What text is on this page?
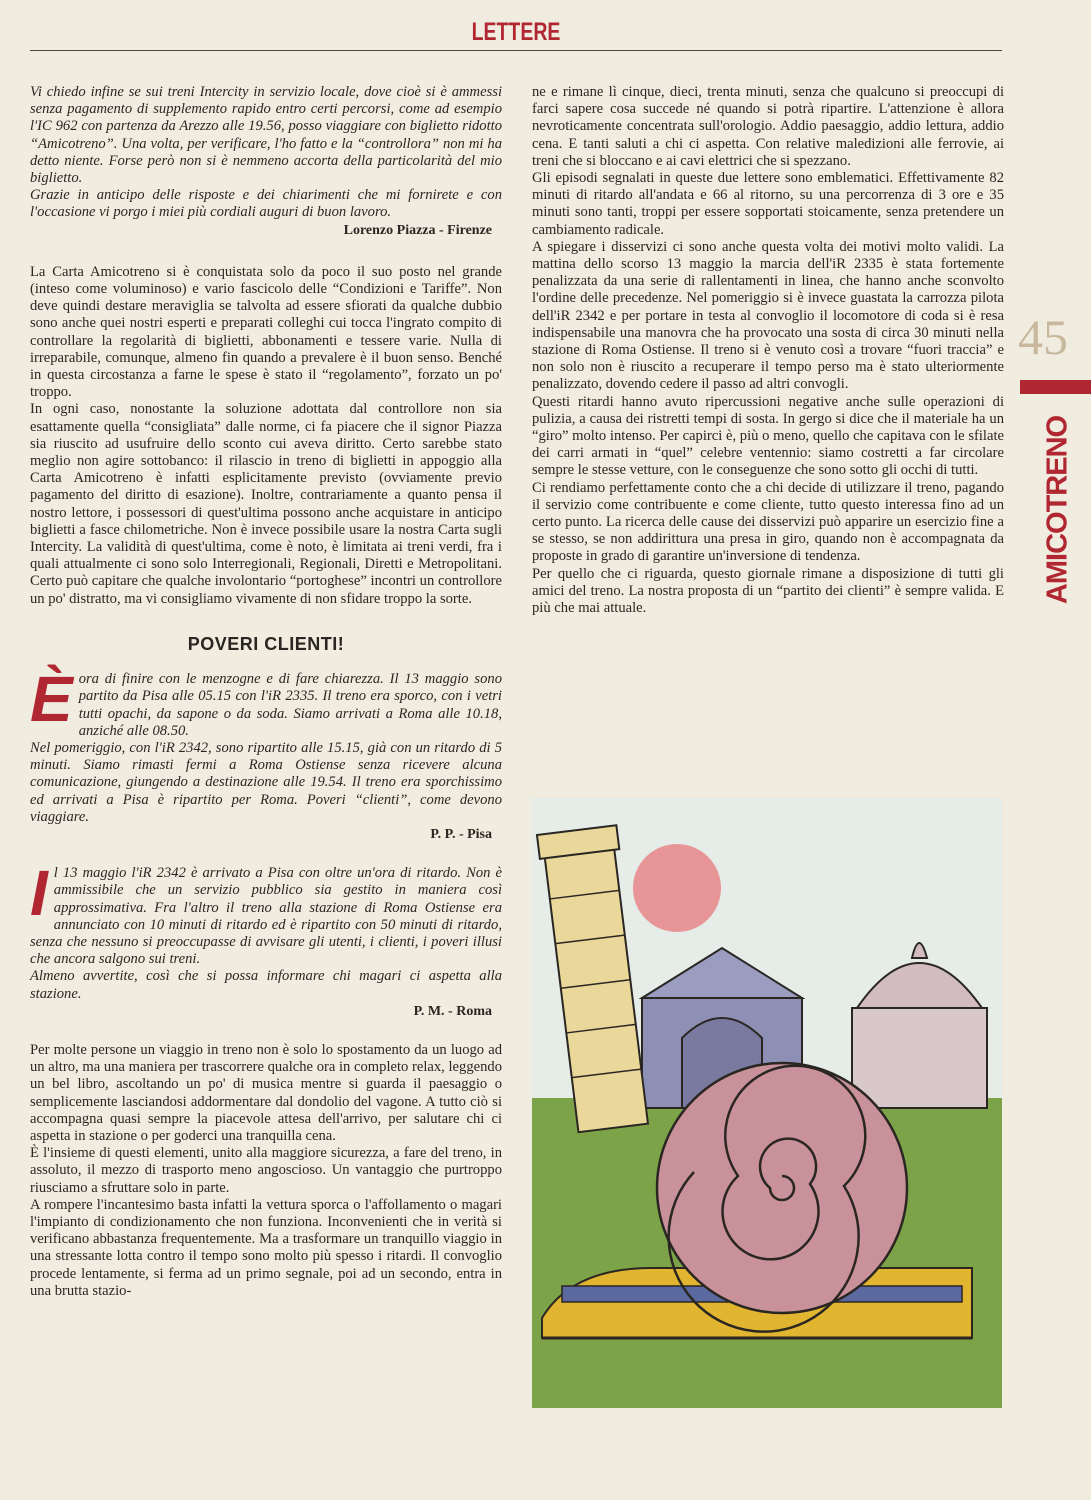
LETTERE
45
AMICOTRENO

Vi chiedo infine se sui treni Intercity in servizio locale, dove cioè si è ammessi senza pagamento di supplemento rapido entro certi percorsi, come ad esempio l'IC 962 con partenza da Arezzo alle 19.56, posso viaggiare con biglietto ridotto “Amicotreno”. Una volta, per verificare, l'ho fatto e la “controllora” non mi ha detto niente. Forse però non si è nemmeno accorta della particolarità del mio biglietto.

Grazie in anticipo delle risposte e dei chiarimenti che mi fornirete e con l'occasione vi porgo i miei più cordiali auguri di buon lavoro.

Lorenzo Piazza - Firenze

La Carta Amicotreno si è conquistata solo da poco il suo posto nel grande (inteso come voluminoso) e vario fascicolo delle “Condizioni e Tariffe”. Non deve quindi destare meraviglia se talvolta ad essere sfiorati da qualche dubbio sono anche quei nostri esperti e preparati colleghi cui tocca l'ingrato compito di controllare la regolarità di biglietti, abbonamenti e tessere varie. Nulla di irreparabile, comunque, almeno fin quando a prevalere è il buon senso. Benché in questa circostanza a farne le spese è stato il “regolamento”, forzato un po' troppo.

In ogni caso, nonostante la soluzione adottata dal controllore non sia esattamente quella “consigliata” dalle norme, ci fa piacere che il signor Piazza sia riuscito ad usufruire dello sconto cui aveva diritto. Certo sarebbe stato meglio non agire sottobanco: il rilascio in treno di biglietti in appoggio alla Carta Amicotreno è infatti esplicitamente previsto (ovviamente previo pagamento del diritto di esazione). Inoltre, contrariamente a quanto pensa il nostro lettore, i possessori di quest'ultima possono anche acquistare in anticipo biglietti a fasce chilometriche. Non è invece possibile usare la nostra Carta sugli Intercity. La validità di quest'ultima, come è noto, è limitata ai treni verdi, fra i quali attualmente ci sono solo Interregionali, Regionali, Diretti e Metropolitani. Certo può capitare che qualche involontario “portoghese” incontri un controllore un po' distratto, ma vi consigliamo vivamente di non sfidare troppo la sorte.

POVERI CLIENTI!
È ora di finire con le menzogne e di fare chiarezza. Il 13 maggio sono partito da Pisa alle 05.15 con l'iR 2335. Il treno era sporco, con i vetri tutti opachi, da sapone o da soda. Siamo arrivati a Roma alle 10.18, anziché alle 08.50.

Nel pomeriggio, con l'iR 2342, sono ripartito alle 15.15, già con un ritardo di 5 minuti. Siamo rimasti fermi a Roma Ostiense senza ricevere alcuna comunicazione, giungendo a destinazione alle 19.54. Il treno era sporchissimo ed arrivati a Pisa è ripartito per Roma. Poveri “clienti”, come devono viaggiare.

P. P. - Pisa

I l 13 maggio l'iR 2342 è arrivato a Pisa con oltre un'ora di ritardo. Non è ammissibile che un servizio pubblico sia gestito in maniera così approssimativa. Fra l'altro il treno alla stazione di Roma Ostiense era annunciato con 10 minuti di ritardo ed è ripartito con 50 minuti di ritardo, senza che nessuno si preoccupasse di avvisare gli utenti, i clienti, i poveri illusi che ancora salgono sui treni.

Almeno avvertite, così che si possa informare chi magari ci aspetta alla stazione.

P. M. - Roma

Per molte persone un viaggio in treno non è solo lo spostamento da un luogo ad un altro, ma una maniera per trascorrere qualche ora in completo relax, leggendo un bel libro, ascoltando un po' di musica mentre si guarda il paesaggio o semplicemente lasciandosi addormentare dal dondolio del vagone. A tutto ciò si accompagna quasi sempre la piacevole attesa dell'arrivo, per salutare chi ci aspetta in stazione o per goderci una tranquilla cena.

È l'insieme di questi elementi, unito alla maggiore sicurezza, a fare del treno, in assoluto, il mezzo di trasporto meno angoscioso. Un vantaggio che purtroppo riusciamo a sfruttare solo in parte.

A rompere l'incantesimo basta infatti la vettura sporca o l'affollamento o magari l'impianto di condizionamento che non funziona. Inconvenienti che in verità si verificano abbastanza frequentemente. Ma a trasformare un tranquillo viaggio in una stressante lotta contro il tempo sono molto più spesso i ritardi. Il convoglio procede lentamente, si ferma ad un primo segnale, poi ad un secondo, entra in una brutta stazio-

ne e rimane lì cinque, dieci, trenta minuti, senza che qualcuno si preoccupi di farci sapere cosa succede né quando si potrà ripartire. L'attenzione è allora nevroticamente concentrata sull'orologio. Addio paesaggio, addio lettura, addio cena. E tanti saluti a chi ci aspetta. Con relative maledizioni alle ferrovie, ai treni che si bloccano e ai cavi elettrici che si spezzano.

Gli episodi segnalati in queste due lettere sono emblematici. Effettivamente 82 minuti di ritardo all'andata e 66 al ritorno, su una percorrenza di 3 ore e 35 minuti sono tanti, troppi per essere sopportati stoicamente, senza pretendere un cambiamento radicale.

A spiegare i disservizi ci sono anche questa volta dei motivi molto validi. La mattina dello scorso 13 maggio la marcia dell'iR 2335 è stata fortemente penalizzata da una serie di rallentamenti in linea, che hanno anche sconvolto l'ordine delle precedenze. Nel pomeriggio si è invece guastata la carrozza pilota dell'iR 2342 e per portare in testa al convoglio il locomotore di coda si è resa indispensabile una manovra che ha provocato una sosta di circa 30 minuti nella stazione di Roma Ostiense. Il treno si è venuto così a trovare “fuori traccia” e non solo non è riuscito a recuperare il tempo perso ma è stato ulteriormente penalizzato, dovendo cedere il passo ad altri convogli.

Questi ritardi hanno avuto ripercussioni negative anche sulle operazioni di pulizia, a causa dei ristretti tempi di sosta. In gergo si dice che il materiale ha un “giro” molto intenso. Per capirci è, più o meno, quello che capitava con le sfilate dei carri armati in “quel” celebre ventennio: siamo costretti a far circolare sempre le stesse vetture, con le conseguenze che sono sotto gli occhi di tutti.

Ci rendiamo perfettamente conto che a chi decide di utilizzare il treno, pagando il servizio come contribuente e come cliente, tutto questo interessa fino ad un certo punto. La ricerca delle cause dei disservizi può apparire un esercizio fine a se stesso, se non addirittura una presa in giro, quando non è accompagnata da proposte in grado di garantire un'inversione di tendenza.

Per quello che ci riguarda, questo giornale rimane a disposizione di tutti gli amici del treno. La nostra proposta di un “partito dei clienti” è sempre valida. E più che mai attuale.
